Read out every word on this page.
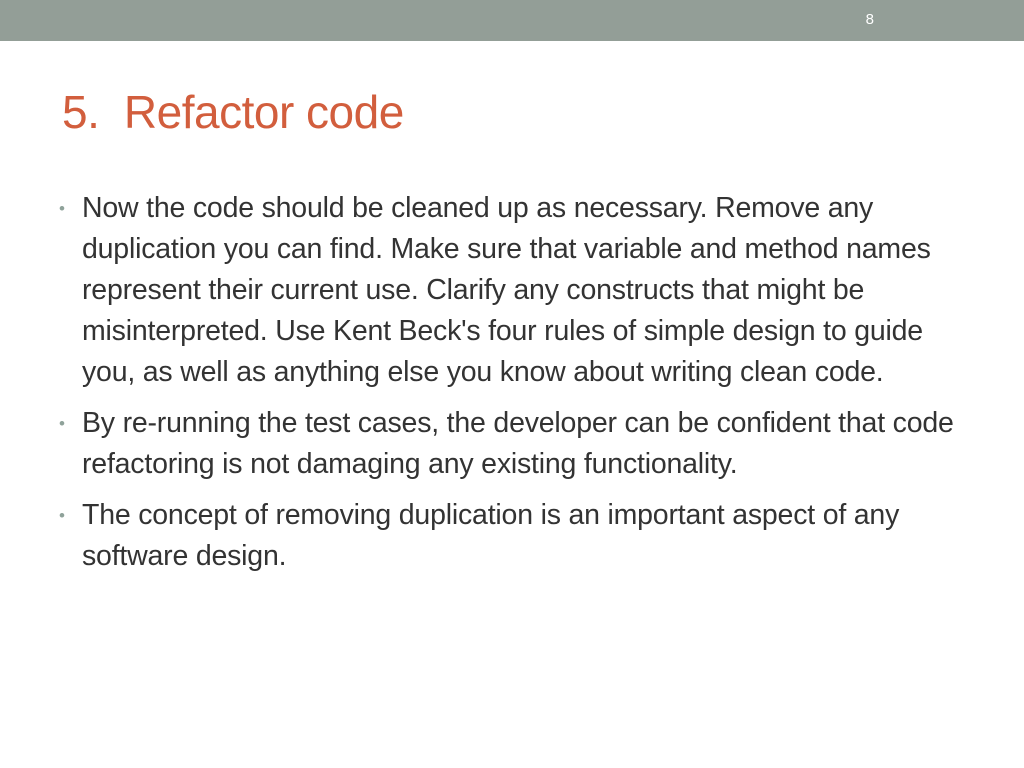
8
5.  Refactor code
• Now the code should be cleaned up as necessary. Remove any duplication you can find. Make sure that variable and method names represent their current use. Clarify any constructs that might be misinterpreted. Use Kent Beck's four rules of simple design to guide you, as well as anything else you know about writing clean code.
• By re-running the test cases, the developer can be confident that code refactoring is not damaging any existing functionality.
• The concept of removing duplication is an important aspect of any software design.
